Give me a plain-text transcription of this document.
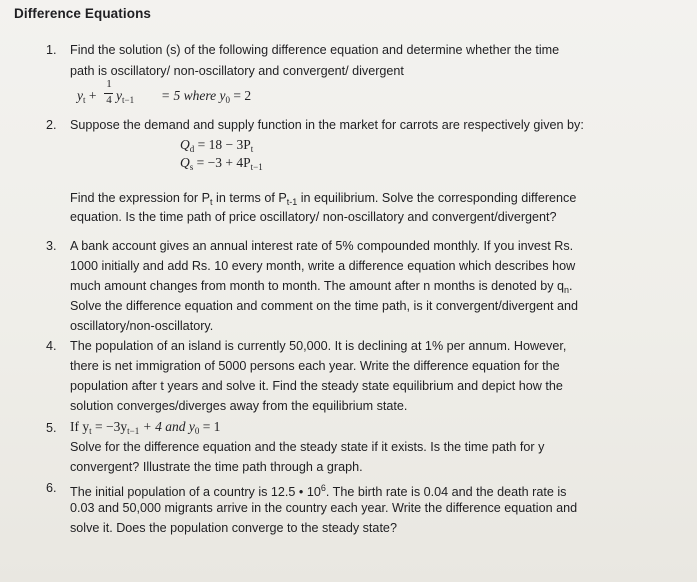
Difference Equations
1. Find the solution (s) of the following difference equation and determine whether the time
path is oscillatory/ non-oscillatory and convergent/ divergent
1
4
$y_t + y_{t-1} = 5$ where $y_0 = 2$
2. Suppose the demand and supply function in the market for carrots are respectively given by:
$Q_d = 18 - 3P_t$
$Q_s = -3 + 4P_{t-1}$
Find the expression for $P_t$ in terms of $P_{t-1}$ in equilibrium. Solve the corresponding difference
equation. Is the time path of price oscillatory/ non-oscillatory and convergent/divergent?
3. A bank account gives an annual interest rate of 5% compounded monthly. If you invest Rs.
1000 initially and add Rs. 10 every month, write a difference equation which describes how
much amount changes from month to month. The amount after n months is denoted by $q_n$.
Solve the difference equation and comment on the time path, is it convergent/divergent and
oscillatory/non-oscillatory.
4. The population of an island is currently 50,000. It is declining at 1% per annum. However,
there is net immigration of 5000 persons each year. Write the difference equation for the
population after t years and solve it. Find the steady state equilibrium and depict how the
solution converges/diverges away from the equilibrium state.
5. If $y_t = -3y_{t-1} + 4$ and $y_0 = 1$
Solve for the difference equation and the steady state if it exists. Is the time path for y
convergent? Illustrate the time path through a graph.
6. The initial population of a country is 12.5 • $10^6$. The birth rate is 0.04 and the death rate is
0.03 and 50,000 migrants arrive in the country each year. Write the difference equation and
solve it. Does the population converge to the steady state?
